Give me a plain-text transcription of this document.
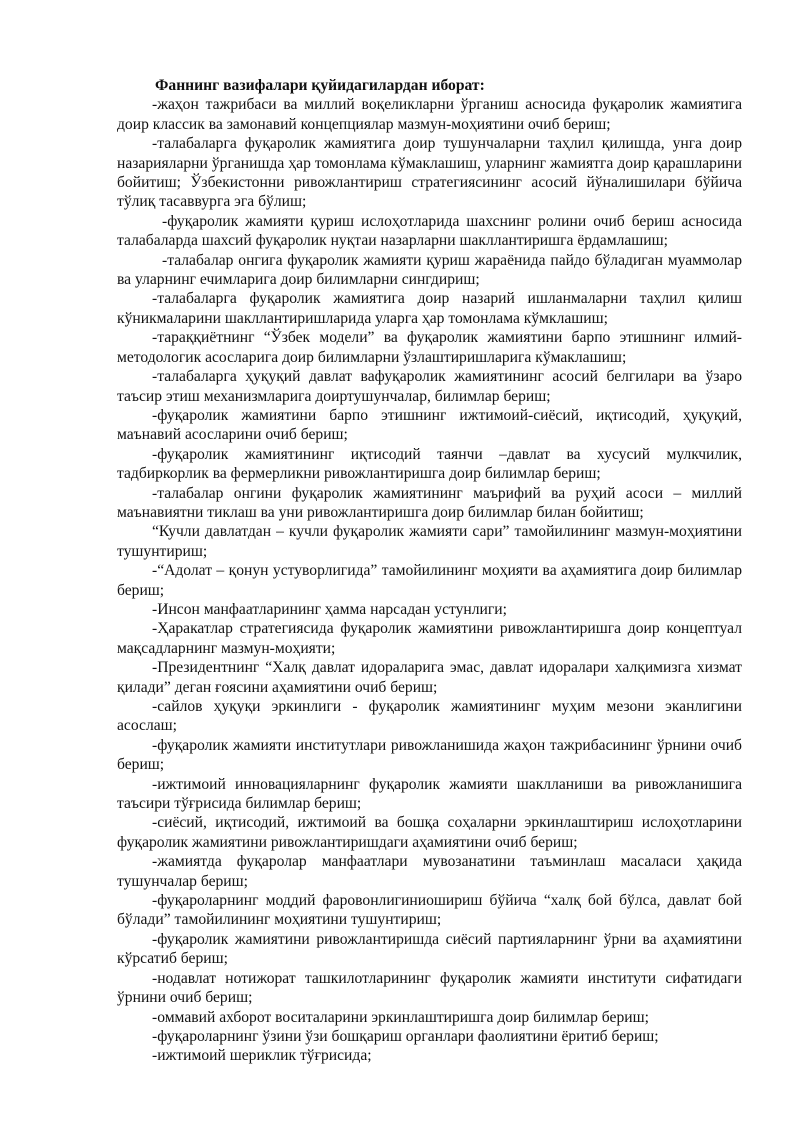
Фаннинг вазифалари қуйидагилардан иборат:

-жаҳон тажрибаси ва миллий воқеликларни ўрганиш асносида фуқаролик жамиятига доир классик ва замонавий концепциялар мазмун-моҳиятини очиб бериш;

-талабаларга фуқаролик жамиятига доир тушунчаларни таҳлил қилишда, унга доир назарияларни ўрганишда ҳар томонлама кўмаклашиш, уларнинг жамиятга доир қарашларини бойитиш; Ўзбекистонни ривожлантириш стратегиясининг асосий йўналишилари бўйича тўлиқ тасаввурга эга бўлиш;

-фуқаролик жамияти қуриш ислоҳотларида шахснинг ролини очиб бериш асносида талабаларда шахсий фуқаролик нуқтаи назарларни шакллантиришга ёрдамлашиш;

-талабалар онгига фуқаролик жамияти қуриш жараёнида пайдо бўладиган муаммолар ва уларнинг ечимларига доир билимларни сингдириш;

-талабаларга фуқаролик жамиятига доир назарий ишланмаларни таҳлил қилиш кўникмаларини шакллантиришларида уларга ҳар томонлама кўмклашиш;

-тараққиётнинг “Ўзбек модели” ва фуқаролик жамиятини барпо этишнинг илмий-методологик асосларига доир билимларни ўзлаштиришларига кўмаклашиш;

-талабаларга ҳуқуқий давлат вафуқаролик жамиятининг асосий белгилари ва ўзаро таъсир этиш механизмларига доиртушунчалар, билимлар бериш;

-фуқаролик жамиятини барпо этишнинг ижтимоий-сиёсий, иқтисодий, ҳуқуқий, маънавий асосларини очиб бериш;

-фуқаролик жамиятининг иқтисодий таянчи –давлат ва хусусий мулкчилик, тадбиркорлик ва фермерликни ривожлантиришга доир билимлар бериш;

-талабалар онгини фуқаролик жамиятининг маърифий ва руҳий асоси – миллий маънавиятни тиклаш ва уни ривожлантиришга доир билимлар билан бойитиш;

“Кучли давлатдан – кучли фуқаролик жамияти сари” тамойилининг мазмун-моҳиятини тушунтириш;

-“Адолат – қонун устуворлигида” тамойилининг моҳияти ва аҳамиятига доир билимлар бериш;

-Инсон манфаатларининг ҳамма нарсадан устунлиги;

-Ҳаракатлар стратегиясида фуқаролик жамиятини ривожлантиришга доир концептуал мақсадларнинг мазмун-моҳияти;

-Президентнинг “Халқ давлат идораларига эмас, давлат идоралари халқимизга хизмат қилади” деган ғоясини аҳамиятини очиб бериш;

-сайлов ҳуқуқи эркинлиги - фуқаролик жамиятининг муҳим мезони эканлигини асослаш;

-фуқаролик жамияти институтлари ривожланишида жаҳон тажрибасининг ўрнини очиб бериш;

-ижтимоий инновацияларнинг фуқаролик жамияти шаклланиши ва ривожланишига таъсири тўғрисида билимлар бериш;

-сиёсий, иқтисодий, ижтимоий ва бошқа соҳаларни эркинлаштириш ислоҳотларини фуқаролик жамиятини ривожлантиришдаги аҳамиятини очиб бериш;

-жамиятда фуқаролар манфаатлари мувозанатини таъминлаш масаласи ҳақида тушунчалар бериш;

-фуқароларнинг моддий фаровонлигиниошириш бўйича “халқ бой бўлса, давлат бой бўлади” тамойилининг моҳиятини тушунтириш;

-фуқаролик жамиятини ривожлантиришда сиёсий партияларнинг ўрни ва аҳамиятини кўрсатиб бериш;

-нодавлат нотижорат ташкилотларининг фуқаролик жамияти институти сифатидаги ўрнини очиб бериш;

-оммавий ахборот воситаларини эркинлаштиришга доир билимлар бериш;

-фуқароларнинг ўзини ўзи бошқариш органлари фаолиятини ёритиб бериш;

-ижтимоий шериклик тўғрисида;
